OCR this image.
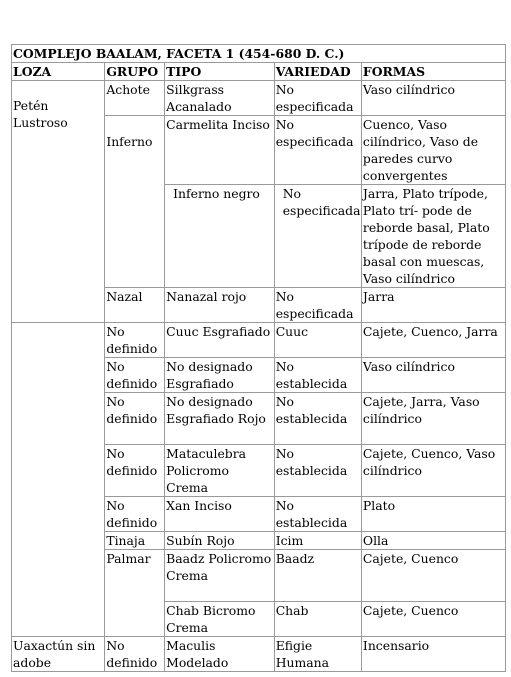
COMPLEJO BAALAM, FACETA 1 (454-680 D. C.)				
LOZA	GRUPO	TIPO	VARIEDAD	FORMAS
Petén Lustroso	Achote	Silkgrass Acanalado	No especificada	Vaso cilíndrico
	Inferno	Carmelita Inciso	No especificada	Cuenco, Vaso cilíndrico, Vaso de paredes curvo convergentes
		Inferno negro	No especificada	Jarra, Plato trípode, Plato trí- pode de reborde basal, Plato trípode de reborde basal con muescas, Vaso cilíndrico
	Nazal	Nanazal rojo	No especificada	Jarra
	No definido	Cuuc Esgrafiado	Cuuc	Cajete, Cuenco, Jarra
	No definido	No designado Esgrafiado	No establecida	Vaso cilíndrico
	No definido	No designado Esgrafiado Rojo	No establecida	Cajete, Jarra, Vaso cilíndrico
	No definido	Mataculebra Policromo Crema	No establecida	Cajete, Cuenco, Vaso cilíndrico
	No definido	Xan Inciso	No establecida	Plato
	Tinaja	Subín Rojo	Icim	Olla
	Palmar	Baadz Policromo Crema	Baadz	Cajete, Cuenco
		Chab Bicromo Crema	Chab	Cajete, Cuenco
Uaxactún sin adobe	No definido	Maculis Modelado	Efigie Humana	Incensario
